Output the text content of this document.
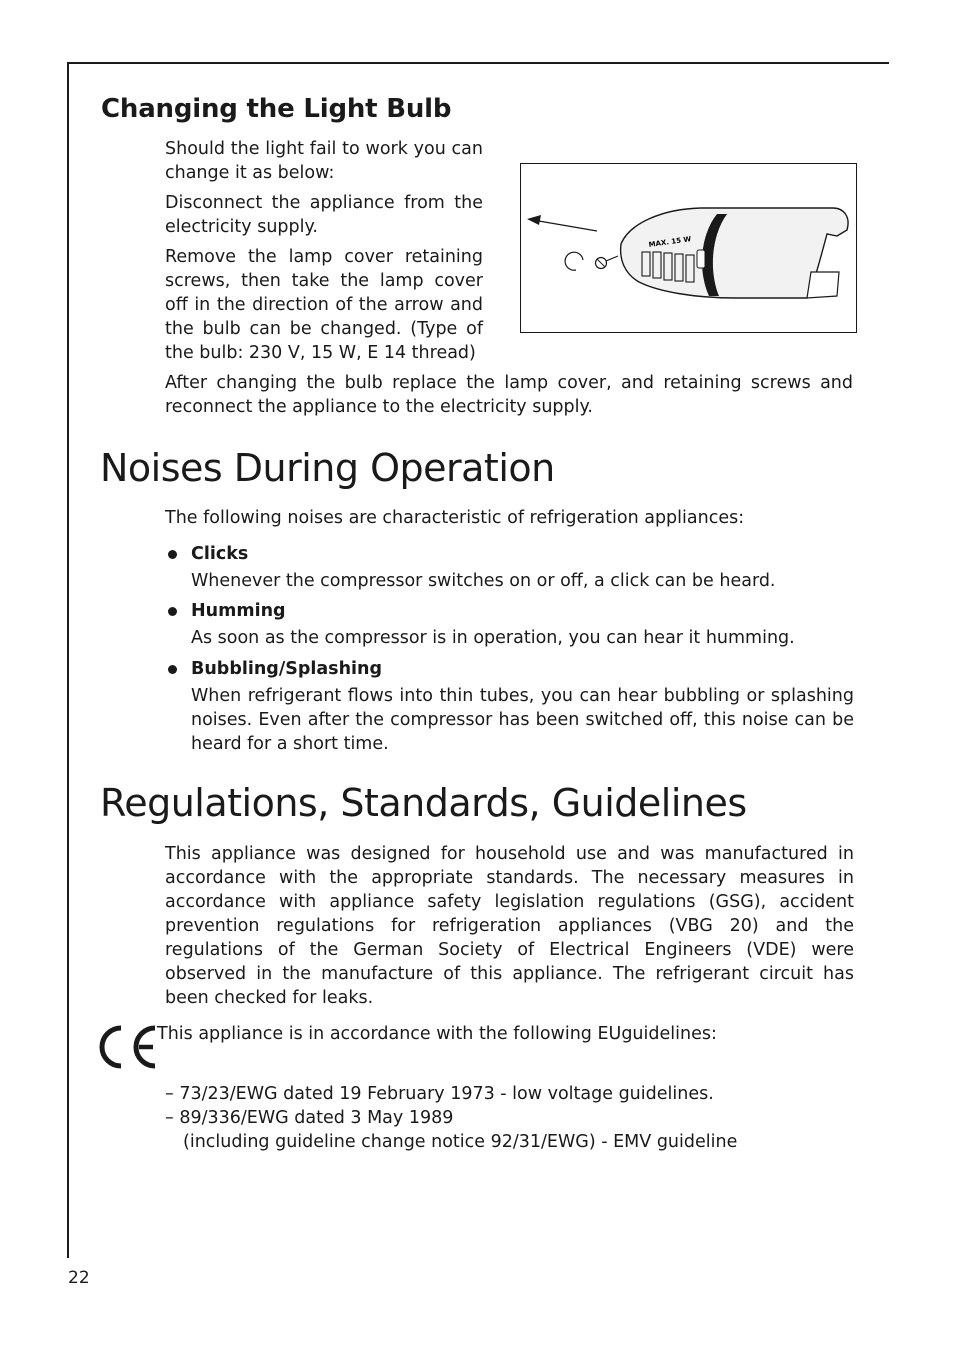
Changing the Light Bulb

Should the light fail to work you can change it as below:

Disconnect the appliance from the electricity supply.

Remove the lamp cover retaining screws, then take the lamp cover off in the direction of the arrow and the bulb can be changed. (Type of the bulb: 230 V, 15 W, E 14 thread)

MAX. 15 W

After changing the bulb replace the lamp cover, and retaining screws and reconnect the appliance to the electricity supply.

Noises During Operation

The following noises are characteristic of refrigeration appliances:

Clicks

Whenever the compressor switches on or off, a click can be heard.

Humming

As soon as the compressor is in operation, you can hear it humming.

Bubbling/Splashing

When refrigerant flows into thin tubes, you can hear bubbling or splashing noises. Even after the compressor has been switched off, this noise can be heard for a short time.

Regulations, Standards, Guidelines

This appliance was designed for household use and was manufactured in accordance with the appropriate standards. The necessary measures in accordance with appliance safety legislation regulations (GSG), accident prevention regulations for refrigeration appliances (VBG 20) and the regulations of the German Society of Electrical Engineers (VDE) were observed in the manufacture of this appliance. The refrigerant circuit has been checked for leaks.

This appliance is in accordance with the following EUguidelines:

– 73/23/EWG dated 19 February 1973 - low voltage guidelines.

– 89/336/EWG dated 3 May 1989

(including guideline change notice 92/31/EWG) - EMV guideline

22
